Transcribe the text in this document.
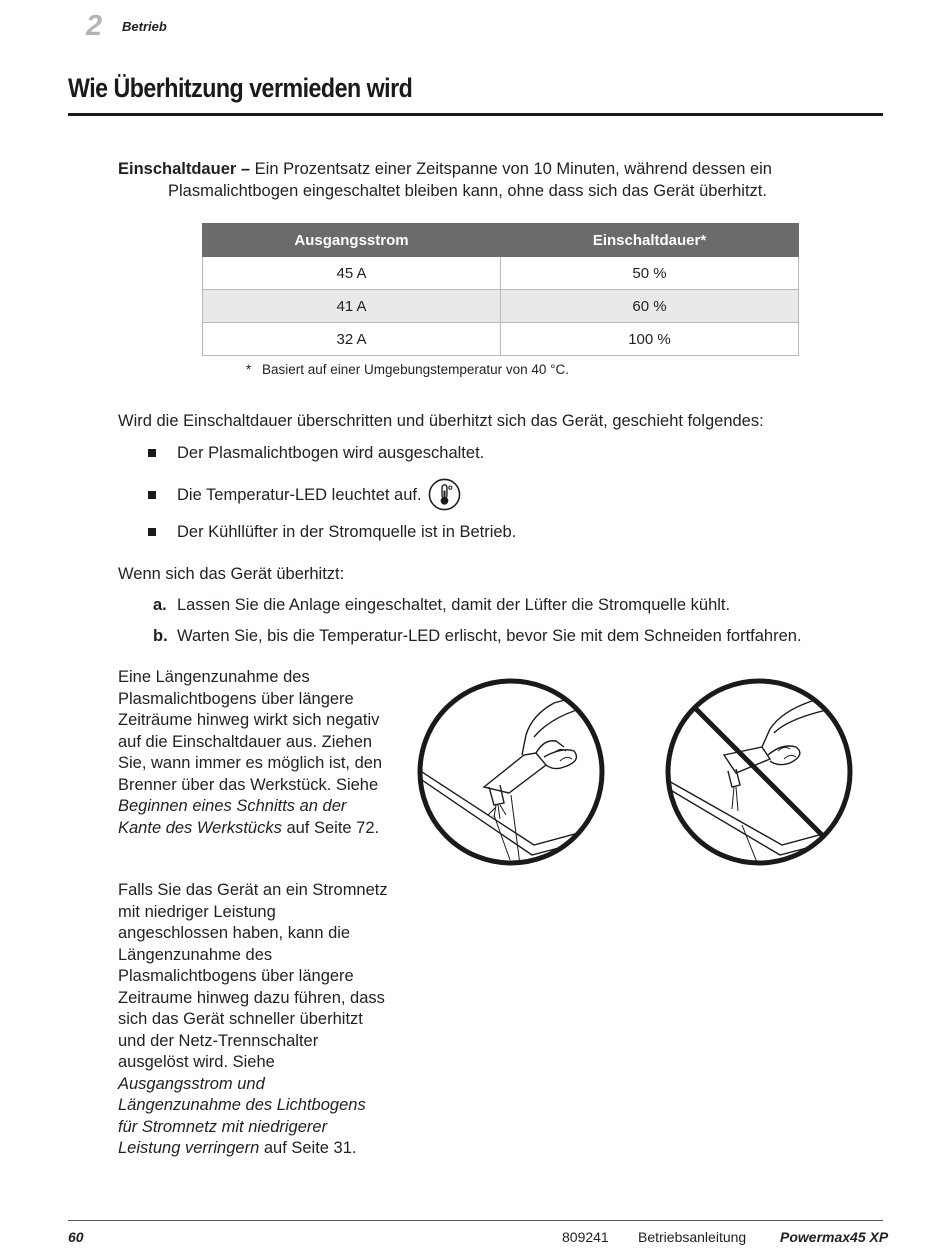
2 Betrieb
Wie Überhitzung vermieden wird

Einschaltdauer – Ein Prozentsatz einer Zeitspanne von 10 Minuten, während dessen ein Plasmalichtbogen eingeschaltet bleiben kann, ohne dass sich das Gerät überhitzt.

Ausgangsstrom	Einschaltdauer*
45 A	50 %
41 A	60 %
32 A	100 %
* Basiert auf einer Umgebungstemperatur von 40 °C.

Wird die Einschaltdauer überschritten und überhitzt sich das Gerät, geschieht folgendes:

Der Plasmalichtbogen wird ausgeschaltet.
Die Temperatur-LED leuchtet auf.
Der Kühllüfter in der Stromquelle ist in Betrieb.

Wenn sich das Gerät überhitzt:

a. Lassen Sie die Anlage eingeschaltet, damit der Lüfter die Stromquelle kühlt.
b. Warten Sie, bis die Temperatur-LED erlischt, bevor Sie mit dem Schneiden fortfahren.

Eine Längenzunahme des Plasmalichtbogens über längere Zeiträume hinweg wirkt sich negativ auf die Einschaltdauer aus. Ziehen Sie, wann immer es möglich ist, den Brenner über das Werkstück. Siehe Beginnen eines Schnitts an der Kante des Werkstücks auf Seite 72.

Falls Sie das Gerät an ein Stromnetz mit niedriger Leistung angeschlossen haben, kann die Längenzunahme des Plasmalichtbogens über längere Zeitraume hinweg dazu führen, dass sich das Gerät schneller überhitzt und der Netz-Trennschalter ausgelöst wird. Siehe Ausgangsstrom und Längenzunahme des Lichtbogens für Stromnetz mit niedrigerer Leistung verringern auf Seite 31.

60	809241 Betriebsanleitung Powermax45 XP
